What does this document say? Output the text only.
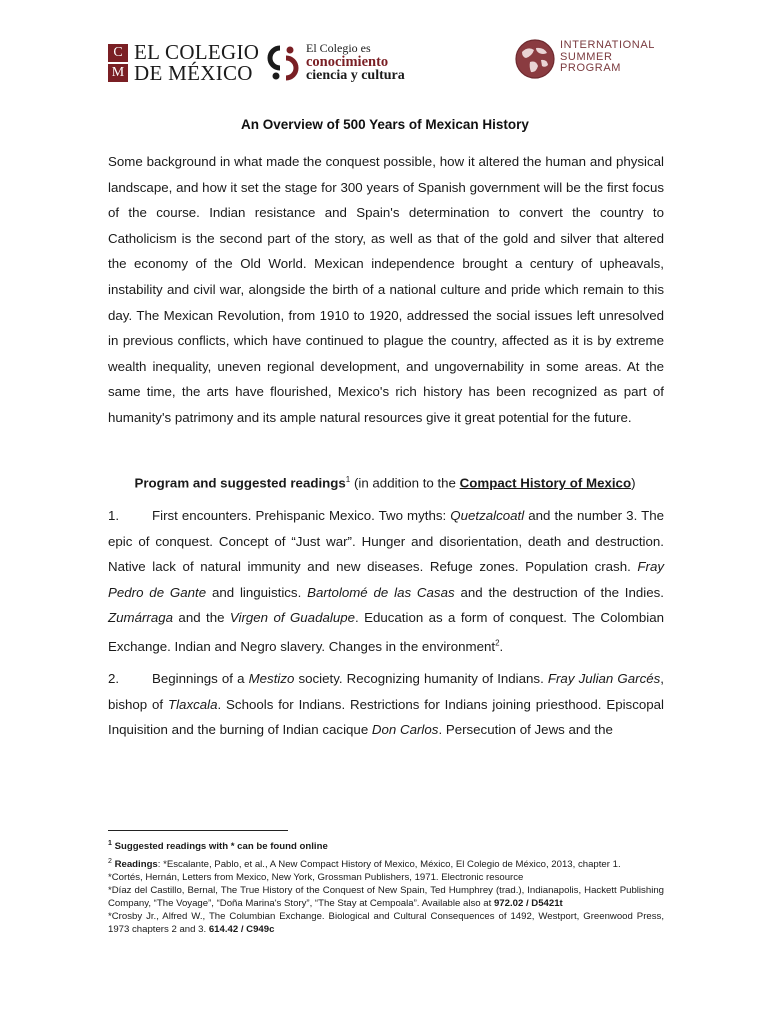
C
M
EL COLEGIO
DE MÉXICO
El Colegio es
conocimiento
ciencia y cultura
INTERNATIONAL
SUMMER
PROGRAM
An Overview of 500 Years of Mexican History

Some background in what made the conquest possible, how it altered the human and physical landscape, and how it set the stage for 300 years of Spanish government will be the first focus of the course. Indian resistance and Spain's determination to convert the country to Catholicism is the second part of the story, as well as that of the gold and silver that altered the economy of the Old World. Mexican independence brought a century of upheavals, instability and civil war, alongside the birth of a national culture and pride which remain to this day. The Mexican Revolution, from 1910 to 1920, addressed the social issues left unresolved in previous conflicts, which have continued to plague the country, affected as it is by extreme wealth inequality, uneven regional development, and ungovernability in some areas. At the same time, the arts have flourished, Mexico's rich history has been recognized as part of humanity's patrimony and its ample natural resources give it great potential for the future.

Program and suggested readings$^1$ (in addition to the Compact History of Mexico)

1. First encounters. Prehispanic Mexico. Two myths: Quetzalcoatl and the number 3. The epic of conquest. Concept of “Just war”. Hunger and disorientation, death and destruction. Native lack of natural immunity and new diseases. Refuge zones. Population crash. Fray Pedro de Gante and linguistics. Bartolomé de las Casas and the destruction of the Indies. Zumárraga and the Virgen of Guadalupe. Education as a form of conquest. The Colombian Exchange. Indian and Negro slavery. Changes in the environment$^2$.

2. Beginnings of a Mestizo society. Recognizing humanity of Indians. Fray Julian Garcés, bishop of Tlaxcala. Schools for Indians. Restrictions for Indians joining priesthood. Episcopal Inquisition and the burning of Indian cacique Don Carlos. Persecution of Jews and the

$^1$ Suggested readings with * can be found online

$^2$ Readings: *Escalante, Pablo, et al., A New Compact History of Mexico, México, El Colegio de México, 2013, chapter 1.
*Cortés, Hernán, Letters from Mexico, New York, Grossman Publishers, 1971. Electronic resource
*Díaz del Castillo, Bernal, The True History of the Conquest of New Spain, Ted Humphrey (trad.), Indianapolis, Hackett Publishing Company, “The Voyage”, “Doña Marina's Story”, “The Stay at Cempoala”. Available also at 972.02 / D5421t
*Crosby Jr., Alfred W., The Columbian Exchange. Biological and Cultural Consequences of 1492, Westport, Greenwood Press, 1973 chapters 2 and 3. 614.42 / C949c
